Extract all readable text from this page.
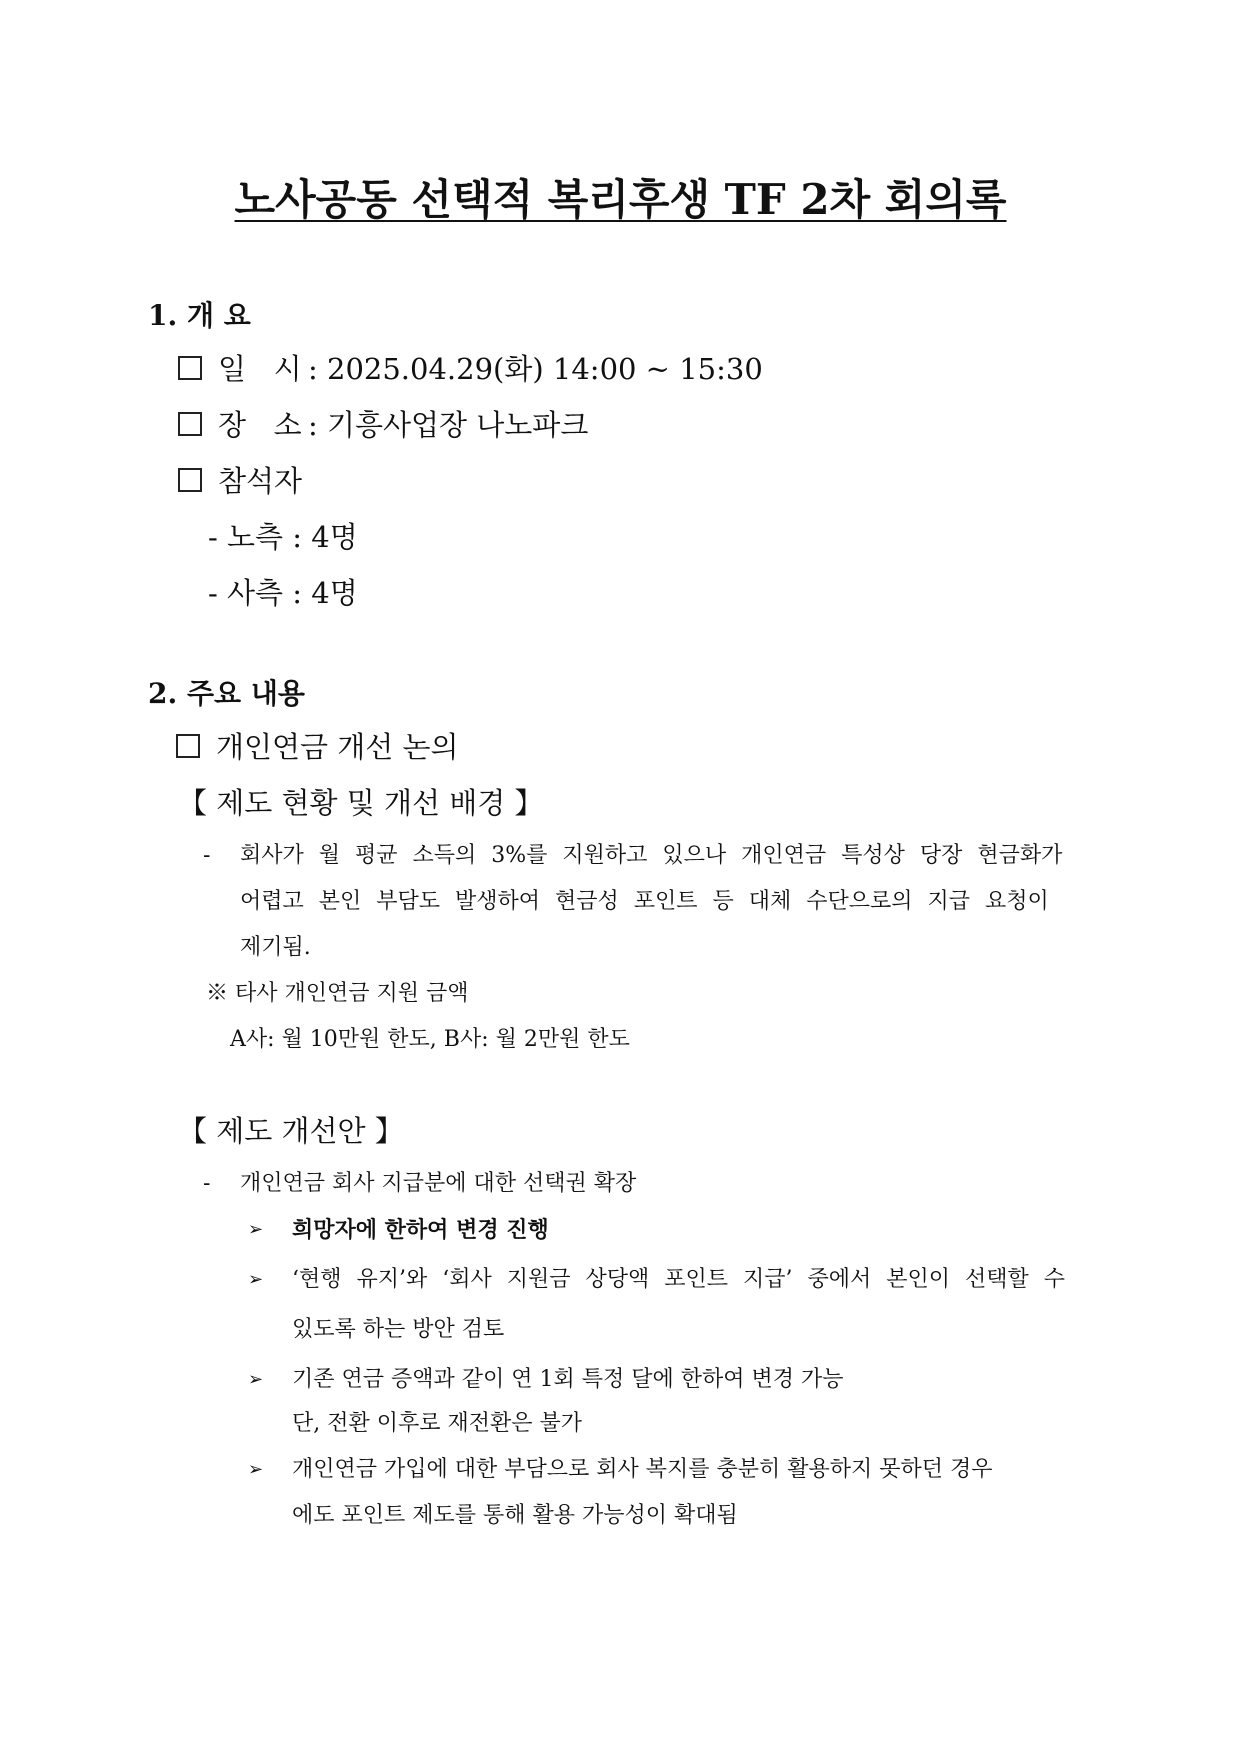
노사공동 선택적 복리후생 TF 2차 회의록
1. 개 요
일   시 : 2025.04.29(화) 14:00 ~ 15:30
장   소 : 기흥사업장 나노파크
참석자
- 노측 : 4명
- 사측 : 4명
2. 주요 내용
개인연금 개선 논의
【 제도 현황 및 개선 배경 】
- 회사가 월 평균 소득의 3%를 지원하고 있으나 개인연금 특성상 당장 현금화가
어렵고 본인 부담도 발생하여 현금성 포인트 등 대체 수단으로의 지급 요청이
제기됨.
※ 타사 개인연금 지원 금액
A사: 월 10만원 한도, B사: 월 2만원 한도
【 제도 개선안 】
- 개인연금 회사 지급분에 대한 선택권 확장
➢ 희망자에 한하여 변경 진행
➢ ‘현행 유지’와 ‘회사 지원금 상당액 포인트 지급’ 중에서 본인이 선택할 수
있도록 하는 방안 검토
➢ 기존 연금 증액과 같이 연 1회 특정 달에 한하여 변경 가능
단, 전환 이후로 재전환은 불가
➢ 개인연금 가입에 대한 부담으로 회사 복지를 충분히 활용하지 못하던 경우
에도 포인트 제도를 통해 활용 가능성이 확대됨
